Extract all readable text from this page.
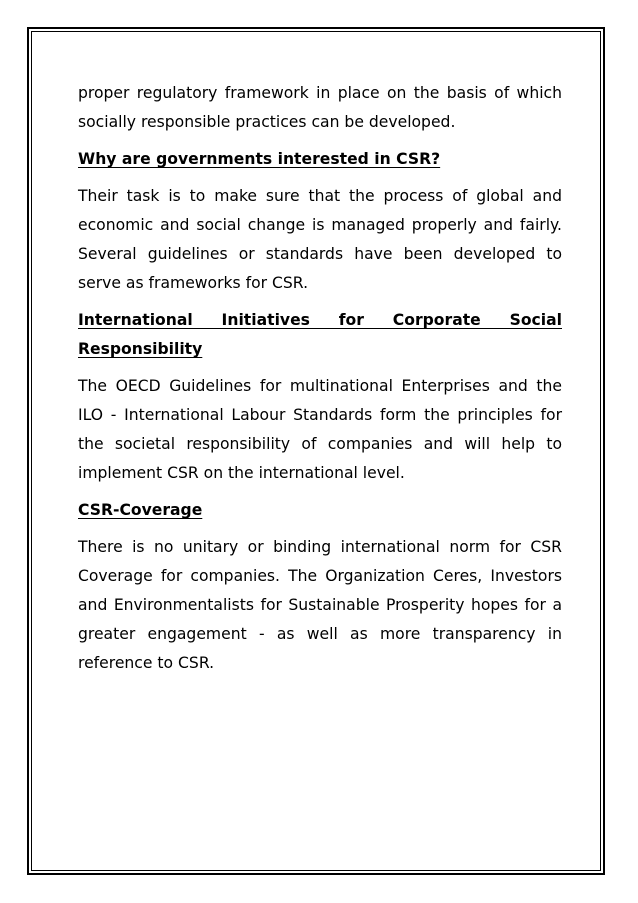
proper regulatory framework in place on the basis of which socially responsible practices can be developed.

Why are governments interested in CSR?

Their task is to make sure that the process of global and economic and social change is managed properly and fairly. Several guidelines or standards have been developed to serve as frameworks for CSR.

International Initiatives for Corporate Social Responsibility

The OECD Guidelines for multinational Enterprises and the ILO - International Labour Standards form the principles for the societal responsibility of companies and will help to implement CSR on the international level.

CSR-Coverage

There is no unitary or binding international norm for CSR Coverage for companies. The Organization Ceres, Investors and Environmentalists for Sustainable Prosperity hopes for a greater engagement - as well as more transparency in reference to CSR.
